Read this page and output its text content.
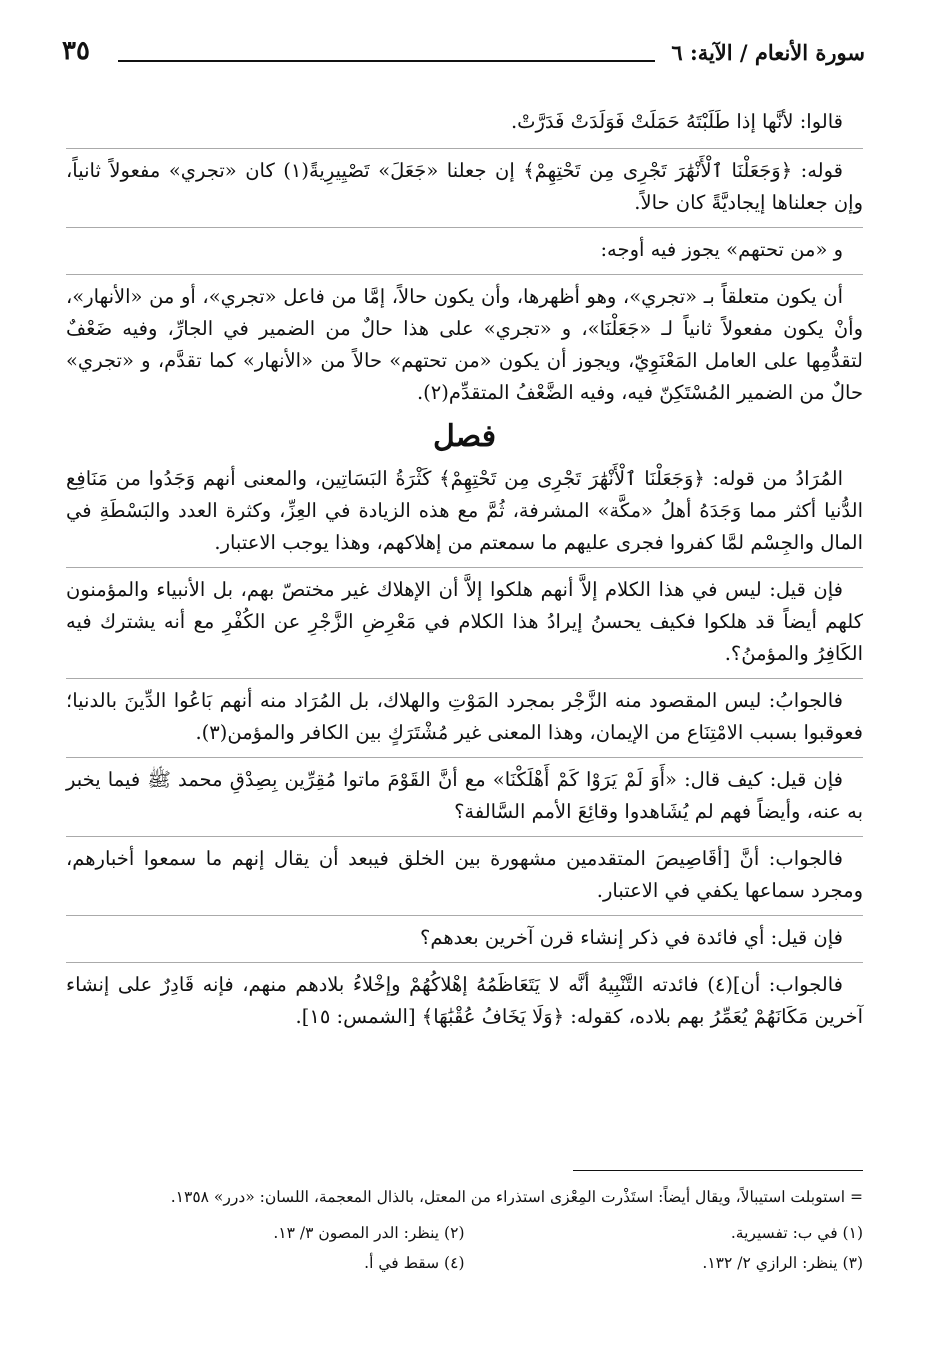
سورة الأنعام / الآية: ٦
٣٥

قالوا: لأنَّها إذا طَلَبْتَهُ حَمَلَتْ فَوَلَدَتْ فَدَرَّتْ.

قوله: ﴿وَجَعَلْنَا ٱلْأَنْهَٰرَ تَجْرِى مِن تَحْتِهِمْ﴾ إن جعلنا «جَعَلَ» تَصْيِيرِيةً(١) كان «تجري» مفعولاً ثانياً، وإن جعلناها إيجاديَّةً كان حالاً.

و «من تحتهم» يجوز فيه أوجه:

أن يكون متعلقاً بـ «تجري»، وهو أظهرها، وأن يكون حالاً، إمَّا من فاعل «تجري»، أو من «الأنهار»، وأنْ يكون مفعولاً ثانياً لـ «جَعَلْنَا»، و «تجري» على هذا حالٌ من الضمير في الجارِّ، وفيه ضَعْفٌ لتقدُّمِها على العامل المَعْنَوِيّ، ويجوز أن يكون «من تحتهم» حالاً من «الأنهار» كما تقدَّم، و «تجري» حالٌ من الضمير المُسْتَكِنّ فيه، وفيه الضَّعْفُ المتقدِّم(٢).

فصل

المُرَادُ من قوله: ﴿وَجَعَلْنَا ٱلْأَنْهَٰرَ تَجْرِى مِن تَحْتِهِمْ﴾ كَثْرَةُ البَسَاتِين، والمعنى أنهم وَجَدُوا من مَنَافِع الدُّنيا أكثر مما وَجَدَهُ أهلُ «مكَّة» المشرفة، ثُمَّ مع هذه الزيادة في العِزِّ، وكثرة العدد والبَسْطَةِ في المال والجِسْم لمَّا كفروا فجرى عليهم ما سمعتم من إهلاكهم، وهذا يوجب الاعتبار.

فإن قيل: ليس في هذا الكلام إلاَّ أنهم هلكوا إلاَّ أن الإهلاك غير مختصّ بهم، بل الأنبياء والمؤمنون كلهم أيضاً قد هلكوا فكيف يحسنُ إيرادُ هذا الكلام في مَعْرِضِ الزَّجْرِ عن الكُفْرِ مع أنه يشترك فيه الكَافِرُ والمؤمنُ؟.

فالجوابُ: ليس المقصود منه الزَّجْر بمجرد المَوْتِ والهلاك، بل المُرَاد منه أنهم بَاعُوا الدِّينَ بالدنيا؛ فعوقبوا بسبب الامْتِنَاع من الإيمان، وهذا المعنى غير مُشْتَرَكٍ بين الكافر والمؤمن(٣).

فإن قيل: كيف قال: «أَوَ لَمْ يَرَوْا كَمْ أَهْلَكْنَا» مع أنَّ القَوْمَ ماتوا مُقِرِّين بِصِدْقِ محمد ﷺ فيما يخبر به عنه، وأيضاً فهم لم يُشَاهدوا وقائِعَ الأمم السَّالفة؟

فالجواب: أنَّ [أقَاصِيصَ المتقدمين مشهورة بين الخلق فيبعد أن يقال إنهم ما سمعوا أخبارهم، ومجرد سماعها يكفي في الاعتبار.

فإن قيل: أي فائدة في ذكر إنشاء قرن آخرين بعدهم؟

فالجواب: أن](٤) فائدته التَّنْبِيهُ أنَّه لا يَتَعَاظَمُهُ إهْلاكُهُمْ وإخْلاءُ بلادهم منهم، فإنه قَادِرٌ على إنشاء آخرين مَكَانَهُمْ يُعَمِّرُ بهم بلاده، كقوله: ﴿وَلَا يَخَافُ عُقْبَٰهَا﴾ [الشمس: ١٥].

= استوبلت استيبالاً، ويقال أيضاً: استَذْرت المِعْزى استذراء من المعتل، بالذال المعجمة، اللسان: «درر» ١٣٥٨.
(١) في ب: تفسيرية.
(٢) ينظر: الدر المصون ٣/ ١٣.
(٣) ينظر: الرازي ٢/ ١٣٢.
(٤) سقط في أ.
